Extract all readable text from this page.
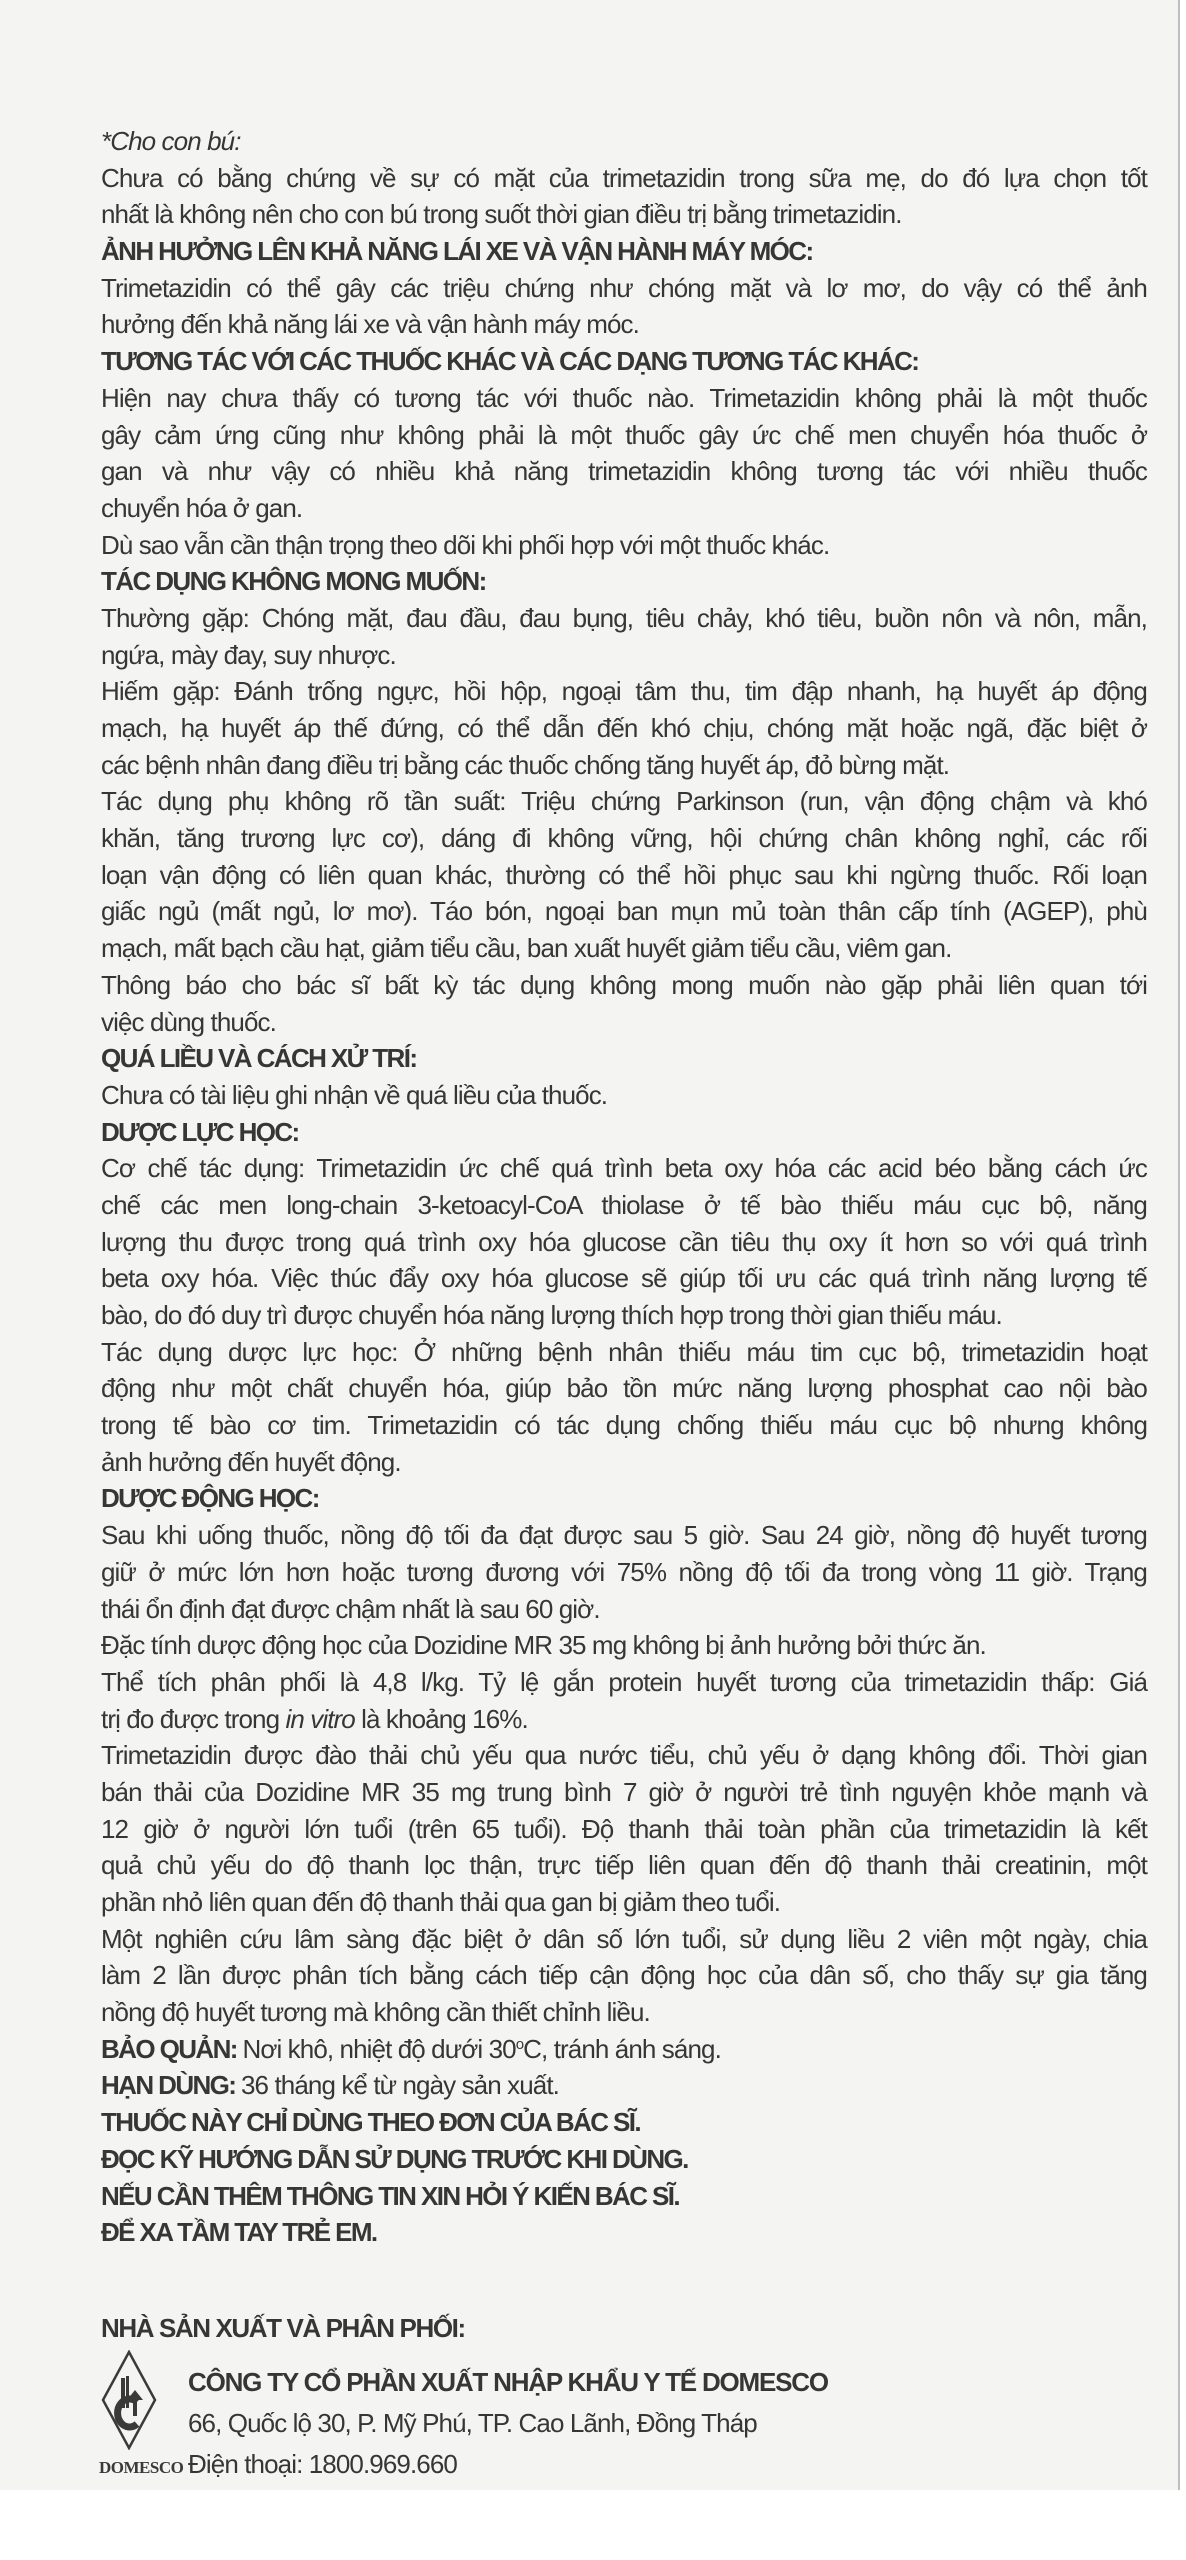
*Cho con bú:
Chưa có bằng chứng về sự có mặt của trimetazidin trong sữa mẹ, do đó lựa chọn tốt
nhất là không nên cho con bú trong suốt thời gian điều trị bằng trimetazidin.
ẢNH HƯỞNG LÊN KHẢ NĂNG LÁI XE VÀ VẬN HÀNH MÁY MÓC:
Trimetazidin có thể gây các triệu chứng như chóng mặt và lơ mơ, do vậy có thể ảnh
hưởng đến khả năng lái xe và vận hành máy móc.
TƯƠNG TÁC VỚI CÁC THUỐC KHÁC VÀ CÁC DẠNG TƯƠNG TÁC KHÁC:
Hiện nay chưa thấy có tương tác với thuốc nào. Trimetazidin không phải là một thuốc
gây cảm ứng cũng như không phải là một thuốc gây ức chế men chuyển hóa thuốc ở
gan và như vậy có nhiều khả năng trimetazidin không tương tác với nhiều thuốc
chuyển hóa ở gan.
Dù sao vẫn cần thận trọng theo dõi khi phối hợp với một thuốc khác.
TÁC DỤNG KHÔNG MONG MUỐN:
Thường gặp: Chóng mặt, đau đầu, đau bụng, tiêu chảy, khó tiêu, buồn nôn và nôn, mẫn,
ngứa, mày đay, suy nhược.
Hiếm gặp: Đánh trống ngực, hồi hộp, ngoại tâm thu, tim đập nhanh, hạ huyết áp động
mạch, hạ huyết áp thế đứng, có thể dẫn đến khó chịu, chóng mặt hoặc ngã, đặc biệt ở
các bệnh nhân đang điều trị bằng các thuốc chống tăng huyết áp, đỏ bừng mặt.
Tác dụng phụ không rõ tần suất: Triệu chứng Parkinson (run, vận động chậm và khó
khăn, tăng trương lực cơ), dáng đi không vững, hội chứng chân không nghỉ, các rối
loạn vận động có liên quan khác, thường có thể hồi phục sau khi ngừng thuốc. Rối loạn
giấc ngủ (mất ngủ, lơ mơ). Táo bón, ngoại ban mụn mủ toàn thân cấp tính (AGEP), phù
mạch, mất bạch cầu hạt, giảm tiểu cầu, ban xuất huyết giảm tiểu cầu, viêm gan.
Thông báo cho bác sĩ bất kỳ tác dụng không mong muốn nào gặp phải liên quan tới
việc dùng thuốc.
QUÁ LIỀU VÀ CÁCH XỬ TRÍ:
Chưa có tài liệu ghi nhận về quá liều của thuốc.
DƯỢC LỰC HỌC:
Cơ chế tác dụng: Trimetazidin ức chế quá trình beta oxy hóa các acid béo bằng cách ức
chế các men long-chain 3-ketoacyl-CoA thiolase ở tế bào thiếu máu cục bộ, năng
lượng thu được trong quá trình oxy hóa glucose cần tiêu thụ oxy ít hơn so với quá trình
beta oxy hóa. Việc thúc đẩy oxy hóa glucose sẽ giúp tối ưu các quá trình năng lượng tế
bào, do đó duy trì được chuyển hóa năng lượng thích hợp trong thời gian thiếu máu.
Tác dụng dược lực học: Ở những bệnh nhân thiếu máu tim cục bộ, trimetazidin hoạt
động như một chất chuyển hóa, giúp bảo tồn mức năng lượng phosphat cao nội bào
trong tế bào cơ tim. Trimetazidin có tác dụng chống thiếu máu cục bộ nhưng không
ảnh hưởng đến huyết động.
DƯỢC ĐỘNG HỌC:
Sau khi uống thuốc, nồng độ tối đa đạt được sau 5 giờ. Sau 24 giờ, nồng độ huyết tương
giữ ở mức lớn hơn hoặc tương đương với 75% nồng độ tối đa trong vòng 11 giờ. Trạng
thái ổn định đạt được chậm nhất là sau 60 giờ.
Đặc tính dược động học của Dozidine MR 35 mg không bị ảnh hưởng bởi thức ăn.
Thể tích phân phối là 4,8 l/kg. Tỷ lệ gắn protein huyết tương của trimetazidin thấp: Giá
trị đo được trong in vitro là khoảng 16%.
Trimetazidin được đào thải chủ yếu qua nước tiểu, chủ yếu ở dạng không đổi. Thời gian
bán thải của Dozidine MR 35 mg trung bình 7 giờ ở người trẻ tình nguyện khỏe mạnh và
12 giờ ở người lớn tuổi (trên 65 tuổi). Độ thanh thải toàn phần của trimetazidin là kết
quả chủ yếu do độ thanh lọc thận, trực tiếp liên quan đến độ thanh thải creatinin, một
phần nhỏ liên quan đến độ thanh thải qua gan bị giảm theo tuổi.
Một nghiên cứu lâm sàng đặc biệt ở dân số lớn tuổi, sử dụng liều 2 viên một ngày, chia
làm 2 lần được phân tích bằng cách tiếp cận động học của dân số, cho thấy sự gia tăng
nồng độ huyết tương mà không cần thiết chỉnh liều.
BẢO QUẢN: Nơi khô, nhiệt độ dưới 30$^o$C, tránh ánh sáng.
HẠN DÙNG: 36 tháng kể từ ngày sản xuất.
THUỐC NÀY CHỈ DÙNG THEO ĐƠN CỦA BÁC SĨ.
ĐỌC KỸ HƯỚNG DẪN SỬ DỤNG TRƯỚC KHI DÙNG.
NẾU CẦN THÊM THÔNG TIN XIN HỎI Ý KIẾN BÁC SĨ.
ĐỂ XA TẦM TAY TRẺ EM.
NHÀ SẢN XUẤT VÀ PHÂN PHỐI:
DOMESCO
CÔNG TY CỔ PHẦN XUẤT NHẬP KHẨU Y TẾ DOMESCO
66, Quốc lộ 30, P. Mỹ Phú, TP. Cao Lãnh, Đồng Tháp
Điện thoại: 1800.969.660
